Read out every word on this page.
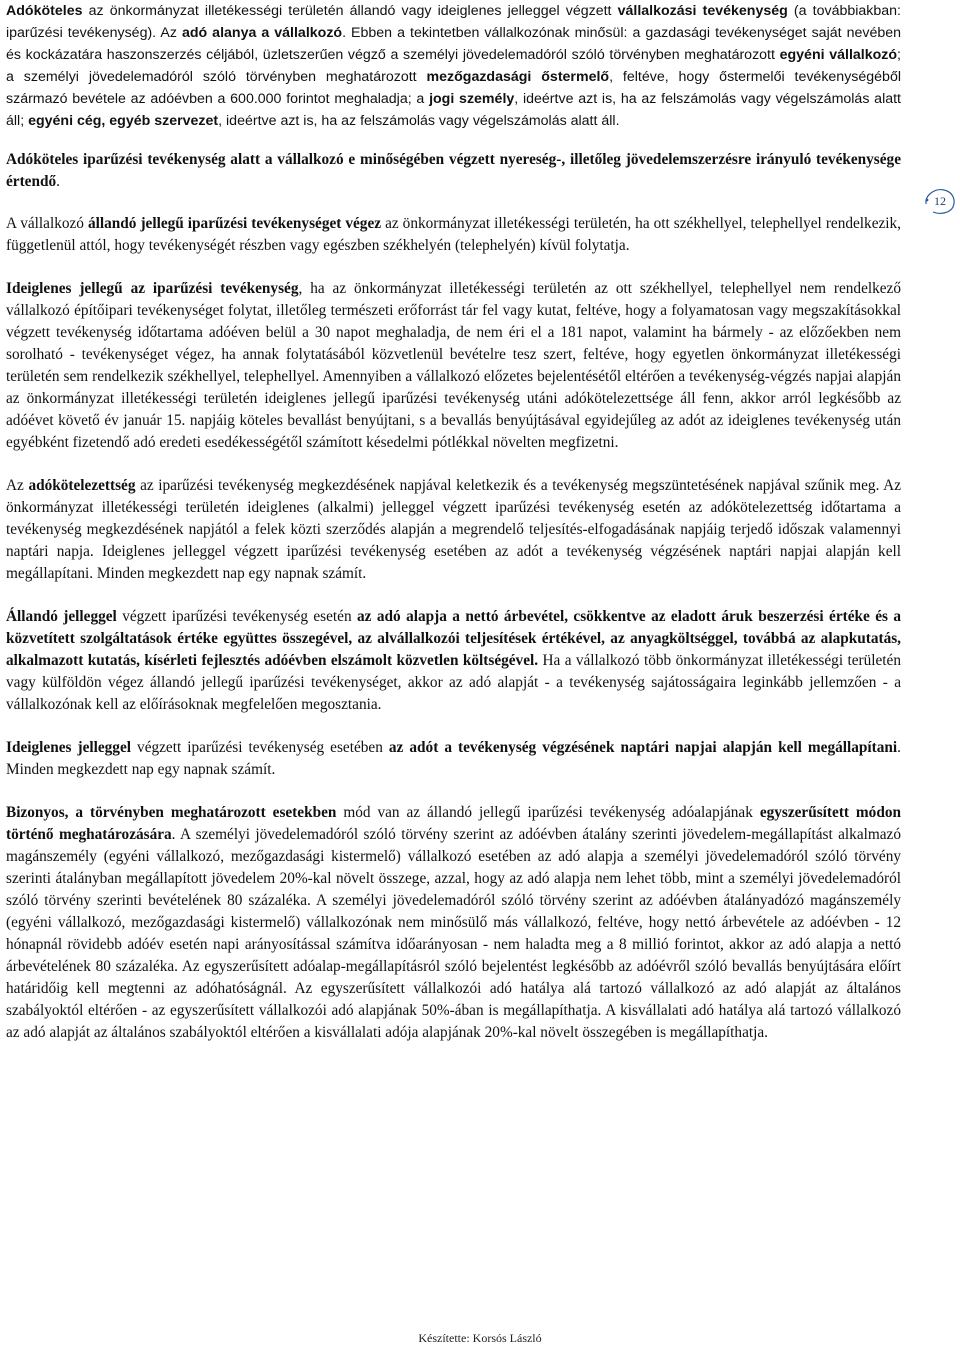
Adóköteles az önkormányzat illetékességi területén állandó vagy ideiglenes jelleggel végzett vállalkozási tevékenység (a továbbiakban: iparűzési tevékenység). Az adó alanya a vállalkozó. Ebben a tekintetben vállalkozónak minősül: a gazdasági tevékenységet saját nevében és kockázatára haszonszerzés céljából, üzletszerűen végző a személyi jövedelemadóról szóló törvényben meghatározott egyéni vállalkozó; a személyi jövedelemadóról szóló törvényben meghatározott mezőgazdasági őstermelő, feltéve, hogy őstermelői tevékenységéből származó bevétele az adóévben a 600.000 forintot meghaladja; a jogi személy, ideértve azt is, ha az felszámolás vagy végelszámolás alatt áll; egyéni cég, egyéb szervezet, ideértve azt is, ha az felszámolás vagy végelszámolás alatt áll.

Adóköteles iparűzési tevékenység alatt a vállalkozó e minőségében végzett nyereség-, illetőleg jövedelemszerzésre irányuló tevékenysége értendő.

A vállalkozó állandó jellegű iparűzési tevékenységet végez az önkormányzat illetékességi területén, ha ott székhellyel, telephellyel rendelkezik, függetlenül attól, hogy tevékenységét részben vagy egészben székhelyén (telephelyén) kívül folytatja.

Ideiglenes jellegű az iparűzési tevékenység, ha az önkormányzat illetékességi területén az ott székhellyel, telephellyel nem rendelkező vállalkozó építőipari tevékenységet folytat, illetőleg természeti erőforrást tár fel vagy kutat, feltéve, hogy a folyamatosan vagy megszakításokkal végzett tevékenység időtartama adóéven belül a 30 napot meghaladja, de nem éri el a 181 napot, valamint ha bármely - az előzőekben nem sorolható - tevékenységet végez, ha annak folytatásából közvetlenül bevételre tesz szert, feltéve, hogy egyetlen önkormányzat illetékességi területén sem rendelkezik székhellyel, telephellyel. Amennyiben a vállalkozó előzetes bejelentésétől eltérően a tevékenység-végzés napjai alapján az önkormányzat illetékességi területén ideiglenes jellegű iparűzési tevékenység utáni adókötelezettsége áll fenn, akkor arról legkésőbb az adóévet követő év január 15. napjáig köteles bevallást benyújtani, s a bevallás benyújtásával egyidejűleg az adót az ideiglenes tevékenység után egyébként fizetendő adó eredeti esedékességétől számított késedelmi pótlékkal növelten megfizetni.

Az adókötelezettség az iparűzési tevékenység megkezdésének napjával keletkezik és a tevékenység megszüntetésének napjával szűnik meg. Az önkormányzat illetékességi területén ideiglenes (alkalmi) jelleggel végzett iparűzési tevékenység esetén az adókötelezettség időtartama a tevékenység megkezdésének napjától a felek közti szerződés alapján a megrendelő teljesítés-elfogadásának napjáig terjedő időszak valamennyi naptári napja. Ideiglenes jelleggel végzett iparűzési tevékenység esetében az adót a tevékenység végzésének naptári napjai alapján kell megállapítani. Minden megkezdett nap egy napnak számít.

Állandó jelleggel végzett iparűzési tevékenység esetén az adó alapja a nettó árbevétel, csökkentve az eladott áruk beszerzési értéke és a közvetített szolgáltatások értéke együttes összegével, az alvállalkozói teljesítések értékével, az anyagköltséggel, továbbá az alapkutatás, alkalmazott kutatás, kísérleti fejlesztés adóévben elszámolt közvetlen költségével. Ha a vállalkozó több önkormányzat illetékességi területén vagy külföldön végez állandó jellegű iparűzési tevékenységet, akkor az adó alapját - a tevékenység sajátosságaira leginkább jellemzően - a vállalkozónak kell az előírásoknak megfelelően megosztania.

Ideiglenes jelleggel végzett iparűzési tevékenység esetében az adót a tevékenység végzésének naptári napjai alapján kell megállapítani. Minden megkezdett nap egy napnak számít.

Bizonyos, a törvényben meghatározott esetekben mód van az állandó jellegű iparűzési tevékenység adóalapjának egyszerűsített módon történő meghatározására. A személyi jövedelemadóról szóló törvény szerint az adóévben átalány szerinti jövedelem-megállapítást alkalmazó magánszemély (egyéni vállalkozó, mezőgazdasági kistermelő) vállalkozó esetében az adó alapja a személyi jövedelemadóról szóló törvény szerinti átalányban megállapított jövedelem 20%-kal növelt összege, azzal, hogy az adó alapja nem lehet több, mint a személyi jövedelemadóról szóló törvény szerinti bevételének 80 százaléka. A személyi jövedelemadóról szóló törvény szerint az adóévben átalányadózó magánszemély (egyéni vállalkozó, mezőgazdasági kistermelő) vállalkozónak nem minősülő más vállalkozó, feltéve, hogy nettó árbevétele az adóévben - 12 hónapnál rövidebb adóév esetén napi arányosítással számítva időarányosan - nem haladta meg a 8 millió forintot, akkor az adó alapja a nettó árbevételének 80 százaléka. Az egyszerűsített adóalap-megállapításról szóló bejelentést legkésőbb az adóévről szóló bevallás benyújtására előírt határidőig kell megtenni az adóhatóságnál. Az egyszerűsített vállalkozói adó hatálya alá tartozó vállalkozó az adó alapját az általános szabályoktól eltérően - az egyszerűsített vállalkozói adó alapjának 50%-ában is megállapíthatja. A kisvállalati adó hatálya alá tartozó vállalkozó az adó alapját az általános szabályoktól eltérően a kisvállalati adója alapjának 20%-kal növelt összegében is megállapíthatja.

12
Készítette: Korsós László
